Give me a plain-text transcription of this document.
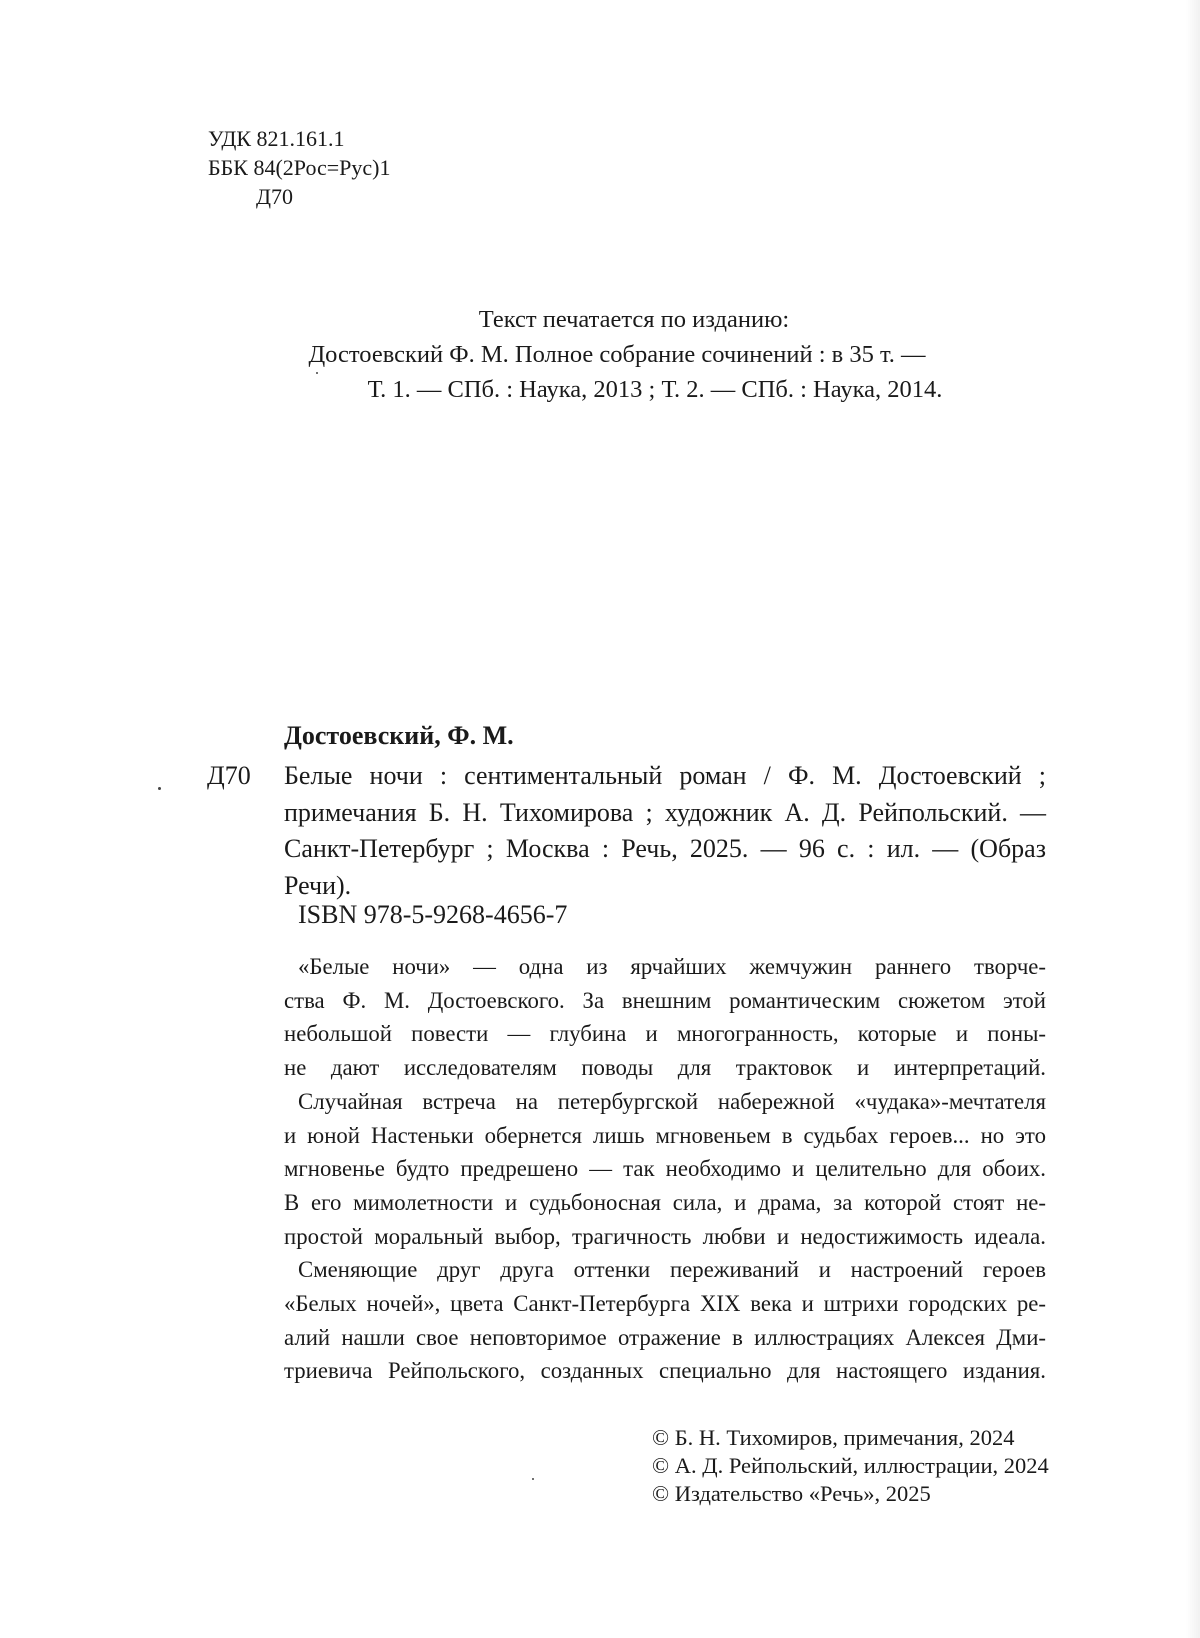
УДК 821.161.1
ББК 84(2Рос=Рус)1
Д70
Текст печатается по изданию:
Достоевский Ф. М. Полное собрание сочинений : в 35 т. —
Т. 1. — СПб. : Наука, 2013 ; Т. 2. — СПб. : Наука, 2014.
Достоевский, Ф. М.
Д70 Белые ночи : сентиментальный роман / Ф. М. Достоевский ;
примечания Б. Н. Тихомирова ; художник А. Д. Рейпольский. —
Санкт-Петербург ; Москва : Речь, 2025. — 96 с. : ил. — (Образ
Речи).
ISBN 978-5-9268-4656-7
«Белые ночи» — одна из ярчайших жемчужин раннего творче-
ства Ф. М. Достоевского. За внешним романтическим сюжетом этой
небольшой повести — глубина и многогранность, которые и поны-
не дают исследователям поводы для трактовок и интерпретаций.
Случайная встреча на петербургской набережной «чудака»-мечтателя
и юной Настеньки обернется лишь мгновеньем в судьбах героев... но это
мгновенье будто предрешено — так необходимо и целительно для обоих.
В его мимолетности и судьбоносная сила, и драма, за которой стоят не-
простой моральный выбор, трагичность любви и недостижимость идеала.
Сменяющие друг друга оттенки переживаний и настроений героев
«Белых ночей», цвета Санкт-Петербурга XIX века и штрихи городских ре-
алий нашли свое неповторимое отражение в иллюстрациях Алексея Дми-
триевича Рейпольского, созданных специально для настоящего издания.
© Б. Н. Тихомиров, примечания, 2024
© А. Д. Рейпольский, иллюстрации, 2024
© Издательство «Речь», 2025
